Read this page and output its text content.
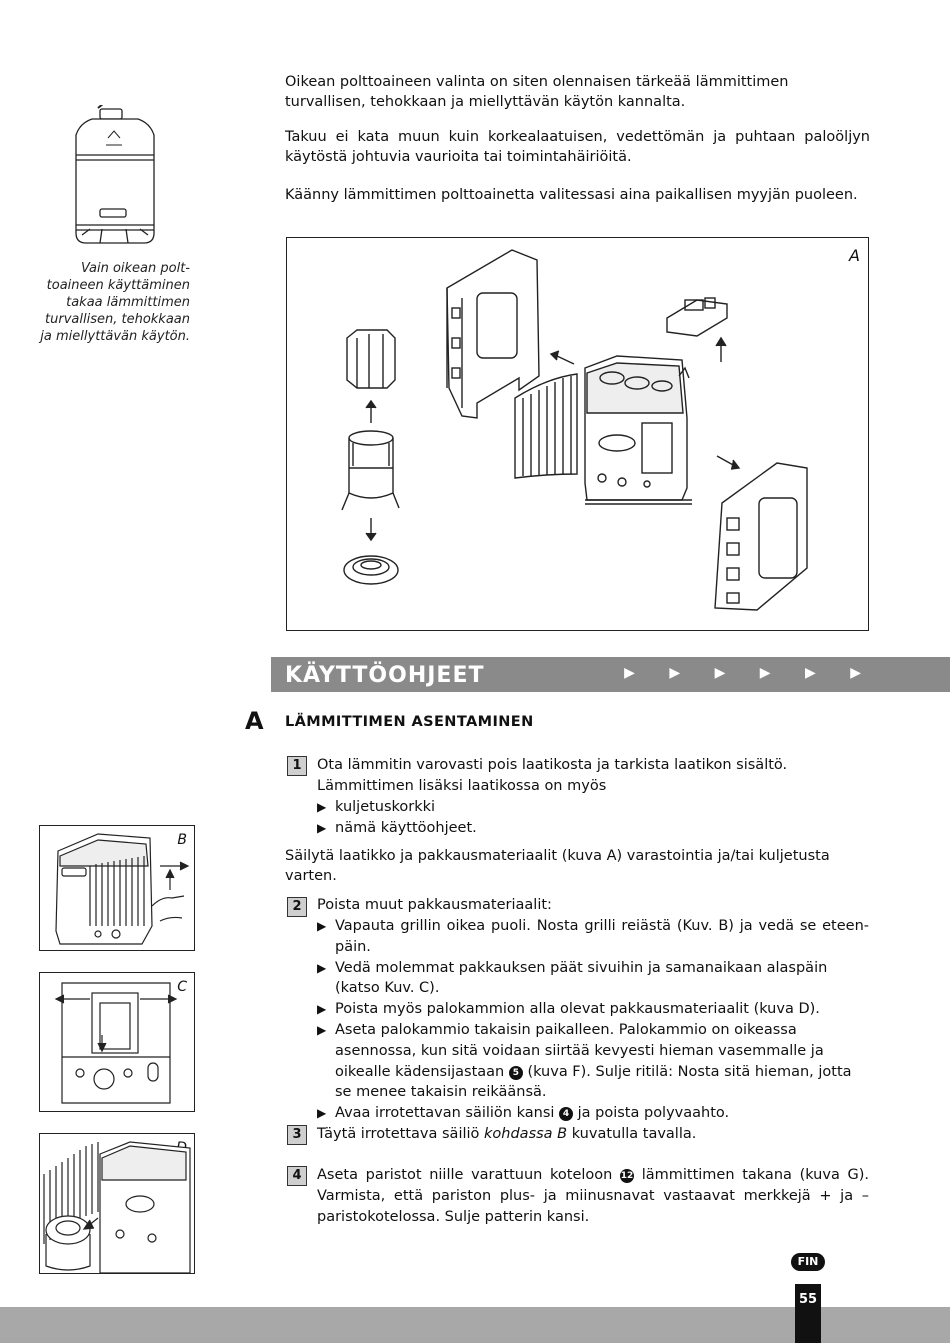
Vain oikean polttoaineen käyttäminen takaa lämmittimen turvallisen, tehokkaan ja miellyttävän käytön.
Oikean polttoaineen valinta on siten olennaisen tärkeää lämmittimen turvallisen, tehokkaan ja miellyttävän käytön kannalta.
Takuu ei kata muun kuin korkealaatuisen, vedettömän ja puhtaan paloöljyn käytöstä johtuvia vaurioita tai toimintahäiriöitä.
Käänny lämmittimen polttoainetta valitessasi aina paikallisen myyjän puoleen.
A
KÄYTTÖOHJEET	▶ ▶ ▶ ▶ ▶ ▶
A LÄMMITTIMEN ASENTAMINEN
B
C
1	Ota lämmitin varovasti pois laatikosta ja tarkista laatikon sisältö.
Lämmittimen lisäksi laatikossa on myös
▶ kuljetuskorkki
▶ nämä käyttöohjeet.
Säilytä laatikko ja pakkausmateriaalit (kuva A) varastointia ja/tai kuljetusta varten.
2	Poista muut pakkausmateriaalit:
▶ Vapauta grillin oikea puoli. Nosta grilli reiästä (Kuv. B) ja vedä se eteenpäin.
▶ Vedä molemmat pakkauksen päät sivuihin ja samanaikaan alaspäin (katso Kuv. C).
▶ Poista myös palokammion alla olevat pakkausmateriaalit (kuva D).
▶ Aseta palokammio takaisin paikalleen. Palokammio on oikeassa asennossa, kun sitä voidaan siirtää kevyesti hieman vasemmalle ja oikealle kädensijastaan 5 (kuva F). Sulje ritilä: Nosta sitä hieman, jotta se menee takaisin reikäänsä.
▶ Avaa irrotettavan säiliön kansi 4 ja poista polyvaahto.
3	Täytä irrotettava säiliö kohdassa B kuvatulla tavalla.
4	Aseta paristot niille varattuun koteloon 12 lämmittimen takana (kuva G). Varmista, että pariston plus- ja miinusnavat vastaavat merkkejä + ja – paristokotelossa. Sulje patterin kansi.
FIN
55
